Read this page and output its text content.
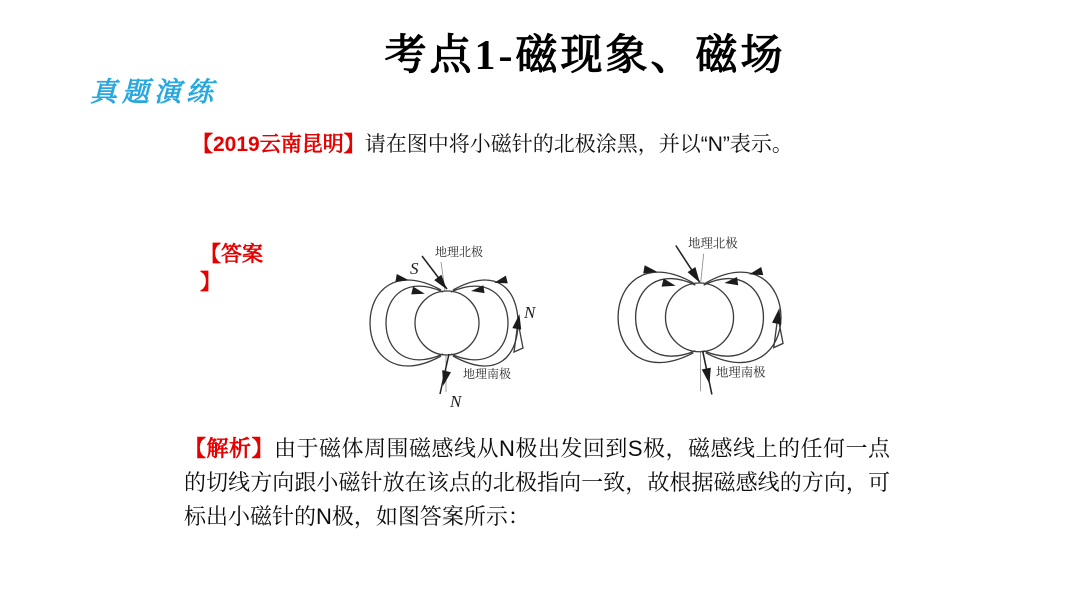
考点1-磁现象、磁场
真题演练
【2019云南昆明】请在图中将小磁针的北极涂黑，并以“N”表示。
【答案
】
地理北极
地理南极
S
N
N
地理北极
地理南极
【解析】由于磁体周围磁感线从N极出发回到S极，磁感线上的任何一点的切线方向跟小磁针放在该点的北极指向一致，故根据磁感线的方向，可标出小磁针的N极，如图答案所示：
